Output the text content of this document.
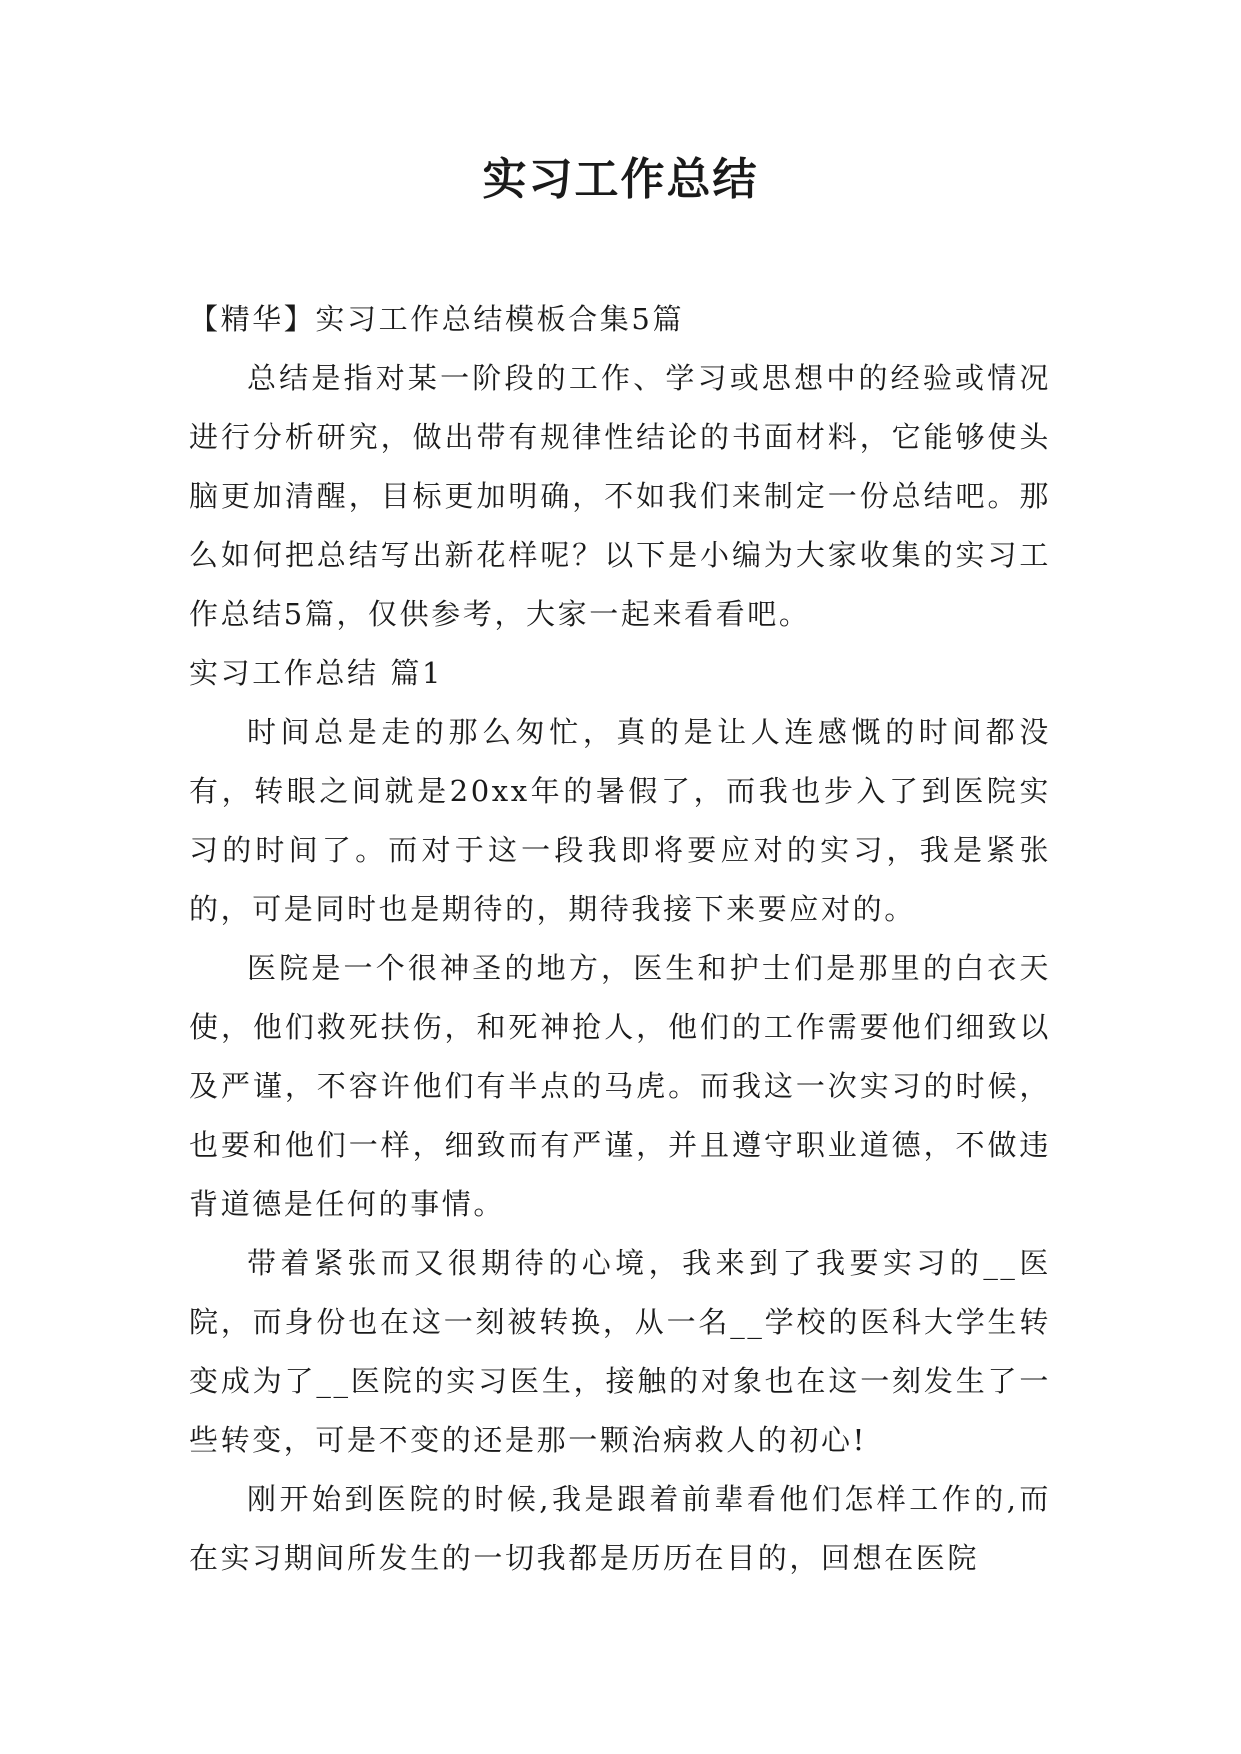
实习工作总结

【精华】实习工作总结模板合集5篇

总结是指对某一阶段的工作、学习或思想中的经验或情况进行分析研究，做出带有规律性结论的书面材料，它能够使头脑更加清醒，目标更加明确，不如我们来制定一份总结吧。那么如何把总结写出新花样呢？以下是小编为大家收集的实习工作总结5篇，仅供参考，大家一起来看看吧。

实习工作总结 篇1

时间总是走的那么匆忙，真的是让人连感慨的时间都没有，转眼之间就是20xx年的暑假了，而我也步入了到医院实习的时间了。而对于这一段我即将要应对的实习，我是紧张的，可是同时也是期待的，期待我接下来要应对的。

医院是一个很神圣的地方，医生和护士们是那里的白衣天使，他们救死扶伤，和死神抢人，他们的工作需要他们细致以及严谨，不容许他们有半点的马虎。而我这一次实习的时候，也要和他们一样，细致而有严谨，并且遵守职业道德，不做违背道德是任何的事情。

带着紧张而又很期待的心境，我来到了我要实习的__医院，而身份也在这一刻被转换，从一名__学校的医科大学生转变成为了__医院的实习医生，接触的对象也在这一刻发生了一些转变，可是不变的还是那一颗治病救人的初心!

刚开始到医院的时候,我是跟着前辈看他们怎样工作的,而在实习期间所发生的一切我都是历历在目的，回想在医院
